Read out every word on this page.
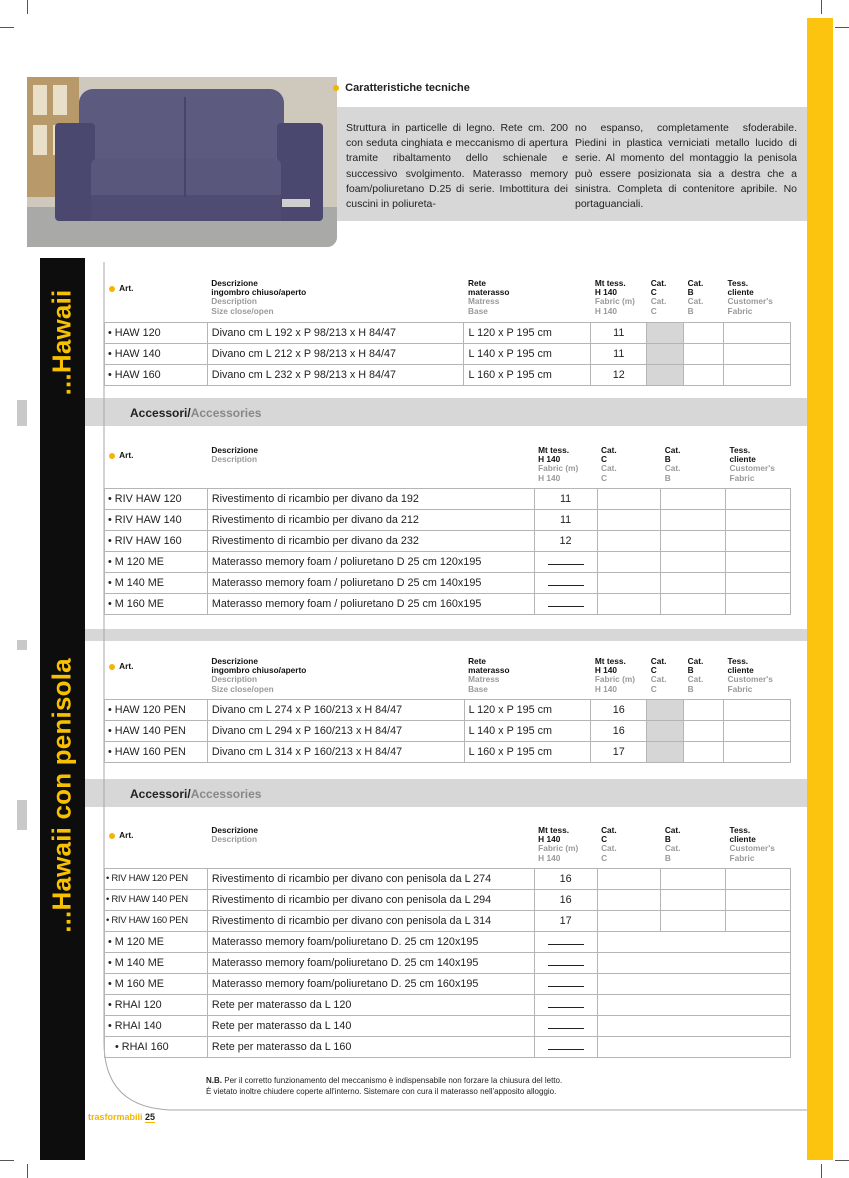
Caratteristiche tecniche
Struttura in particelle di legno. Rete cm. 200 con seduta cinghiata e meccanismo di apertura tramite ribaltamento dello schienale e successivo svolgimento. Materasso memory foam/poliuretano D.25 di serie. Imbottitura dei cuscini in poliureta-
no espanso, completamente sfoderabile. Piedini in plastica verniciati metallo lucido di serie. Al momento del montaggio la penisola può essere posizionata sia a destra che a sinistra. Completa di contenitore apribile. No portaguanciali.
...Hawaii
...Hawaii con penisola
Accessori/Accessories
Accessori/Accessories
Art.	Descrizione
ingombro chiuso/aperto
Description
Size close/open	Rete
materasso
Matress
Base	Mt tess.
H 140
Fabric (m)
H 140	Cat.
C
Cat.
C	Cat.
B
Cat.
B	Tess.
cliente
Customer's
Fabric
• HAW 120	Divano cm L 192 x P 98/213 x H 84/47	L 120 x P 195 cm	11			
• HAW 140	Divano cm L 212 x P 98/213 x H 84/47	L 140 x P 195 cm	11			
• HAW 160	Divano cm L 232 x P 98/213 x H 84/47	L 160 x P 195 cm	12			
Art.	Descrizione
Description	Mt tess.
H 140
Fabric (m)
H 140	Cat.
C
Cat.
C	Cat.
B
Cat.
B	Tess.
cliente
Customer's
Fabric
• RIV HAW 120	Rivestimento di ricambio per divano da 192	11			
• RIV HAW 140	Rivestimento di ricambio per divano da 212	11			
• RIV HAW 160	Rivestimento di ricambio per divano da 232	12			
• M 120 ME	Materasso memory foam / poliuretano D 25 cm 120x195				
• M 140 ME	Materasso memory foam / poliuretano D 25 cm 140x195				
• M 160 ME	Materasso memory foam / poliuretano D 25 cm 160x195				
Art.	Descrizione
ingombro chiuso/aperto
Description
Size close/open	Rete
materasso
Matress
Base	Mt tess.
H 140
Fabric (m)
H 140	Cat.
C
Cat.
C	Cat.
B
Cat.
B	Tess.
cliente
Customer's
Fabric
• HAW 120 PEN	Divano cm L 274 x P 160/213 x H 84/47	L 120 x P 195 cm	16			
• HAW 140 PEN	Divano cm L 294 x P 160/213 x H 84/47	L 140 x P 195 cm	16			
• HAW 160 PEN	Divano cm L 314 x P 160/213 x H 84/47	L 160 x P 195 cm	17			
Art.	Descrizione
Description	Mt tess.
H 140
Fabric (m)
H 140	Cat.
C
Cat.
C	Cat.
B
Cat.
B	Tess.
cliente
Customer's
Fabric
• RIV HAW 120 PEN	Rivestimento di ricambio per divano con penisola da L 274	16			
• RIV HAW 140 PEN	Rivestimento di ricambio per divano con penisola da L 294	16			
• RIV HAW 160 PEN	Rivestimento di ricambio per divano con penisola da L 314	17			
• M 120 ME	Materasso memory foam/poliuretano D. 25 cm 120x195				
• M 140 ME	Materasso memory foam/poliuretano D. 25 cm 140x195				
• M 160 ME	Materasso memory foam/poliuretano D. 25 cm 160x195				
• RHAI 120	Rete per materasso da L 120				
• RHAI 140	Rete per materasso da L 140				
• RHAI 160	Rete per materasso da L 160				
N.B. Per il corretto funzionamento del meccanismo è indispensabile non forzare la chiusura del letto.
È vietato inoltre chiudere coperte all'interno. Sistemare con cura il materasso nell'apposito alloggio.
trasformabili 25
